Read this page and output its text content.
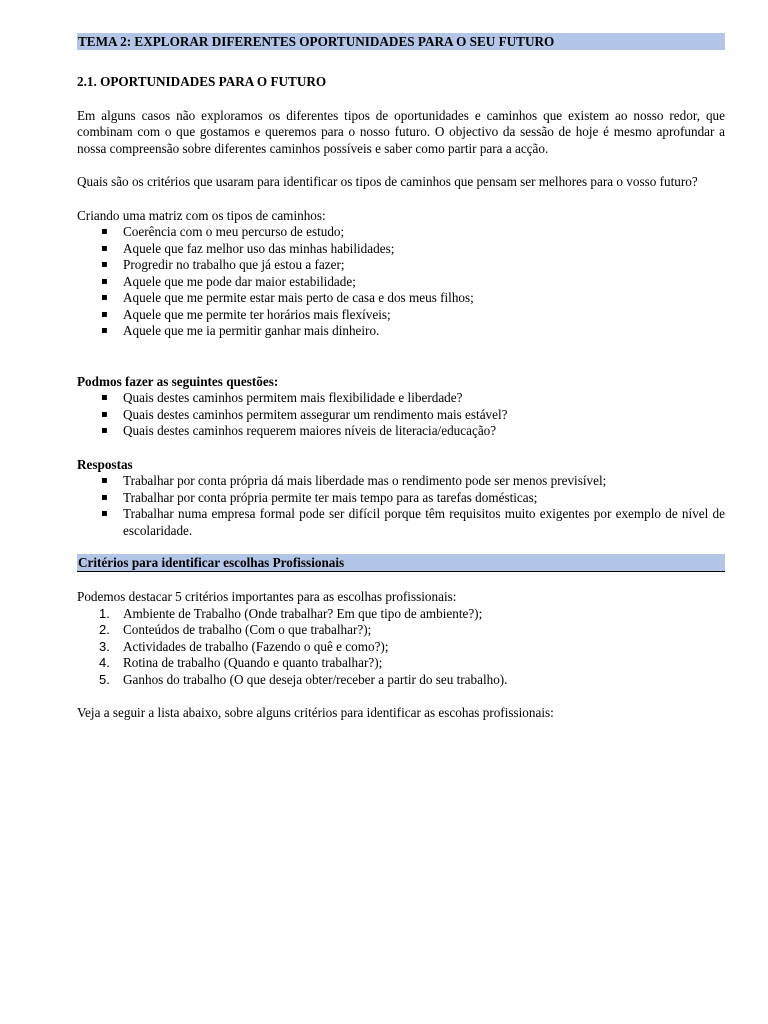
TEMA 2: EXPLORAR DIFERENTES OPORTUNIDADES PARA O SEU FUTURO
2.1. OPORTUNIDADES PARA O FUTURO

Em alguns casos não exploramos os diferentes tipos de oportunidades e caminhos que existem ao nosso redor, que combinam com o que gostamos e queremos para o nosso futuro. O objectivo da sessão de hoje é mesmo aprofundar a nossa compreensão sobre diferentes caminhos possíveis e saber como partir para a acção.

Quais são os critérios que usaram para identificar os tipos de caminhos que pensam ser melhores para o vosso futuro?

Criando uma matriz com os tipos de caminhos:

▪ Coerência com o meu percurso de estudo;
▪ Aquele que faz melhor uso das minhas habilidades;
▪ Progredir no trabalho que já estou a fazer;
▪ Aquele que me pode dar maior estabilidade;
▪ Aquele que me permite estar mais perto de casa e dos meus filhos;
▪ Aquele que me permite ter horários mais flexíveis;
▪ Aquele que me ia permitir ganhar mais dinheiro.

Podmos fazer as seguintes questões:

▪ Quais destes caminhos permitem mais flexibilidade e liberdade?
▪ Quais destes caminhos permitem assegurar um rendimento mais estável?
▪ Quais destes caminhos requerem maiores níveis de literacia/educação?

Respostas

▪ Trabalhar por conta própria dá mais liberdade mas o rendimento pode ser menos previsível;
▪ Trabalhar por conta própria permite ter mais tempo para as tarefas domésticas;
▪ Trabalhar numa empresa formal pode ser difícil porque têm requisitos muito exigentes por exemplo de nível de escolaridade.
Critérios para identificar escolhas Profissionais

Podemos destacar 5 critérios importantes para as escolhas profissionais:

1. Ambiente de Trabalho (Onde trabalhar? Em que tipo de ambiente?);
2. Conteúdos de trabalho (Com o que trabalhar?);
3. Actividades de trabalho (Fazendo o quê e como?);
4. Rotina de trabalho (Quando e quanto trabalhar?);
5. Ganhos do trabalho (O que deseja obter/receber a partir do seu trabalho).

Veja a seguir a lista abaixo, sobre alguns critérios para identificar as escohas profissionais:
